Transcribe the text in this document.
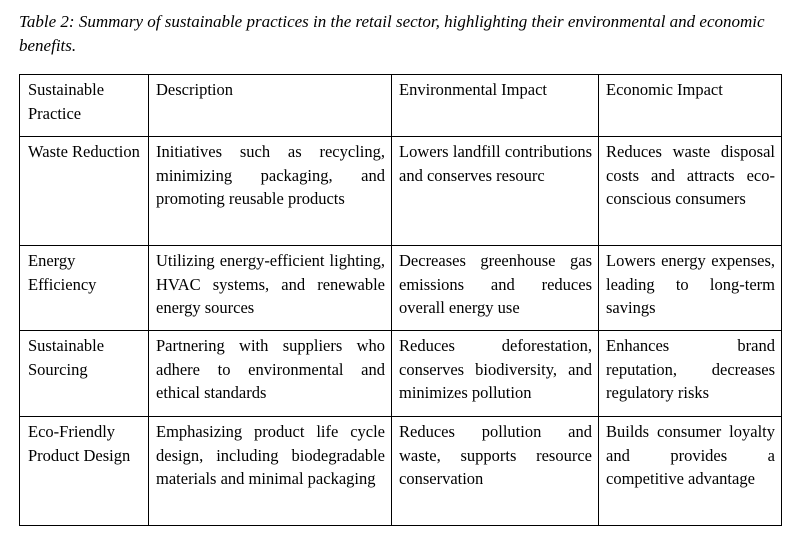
Table 2: Summary of sustainable practices in the retail sector, highlighting their environmental and economic benefits.

Sustainable Practice	Description	Environmental Impact	Economic Impact
Waste Reduction	Initiatives such as recycling, minimizing packaging, and promoting reusable products	Lowers landfill contributions and conserves resourc	Reduces waste disposal costs and attracts eco-conscious consumers
Energy Efficiency	Utilizing energy-efficient lighting, HVAC systems, and renewable energy sources	Decreases greenhouse gas emissions and reduces overall energy use	Lowers energy expenses, leading to long-term savings
Sustainable Sourcing	Partnering with suppliers who adhere to environmental and ethical standards	Reduces deforestation, conserves biodiversity, and minimizes pollution	Enhances brand reputation, decreases regulatory risks
Eco-Friendly Product Design	Emphasizing product life cycle design, including biodegradable materials and minimal packaging	Reduces pollution and waste, supports resource conservation	Builds consumer loyalty and provides a competitive advantage
